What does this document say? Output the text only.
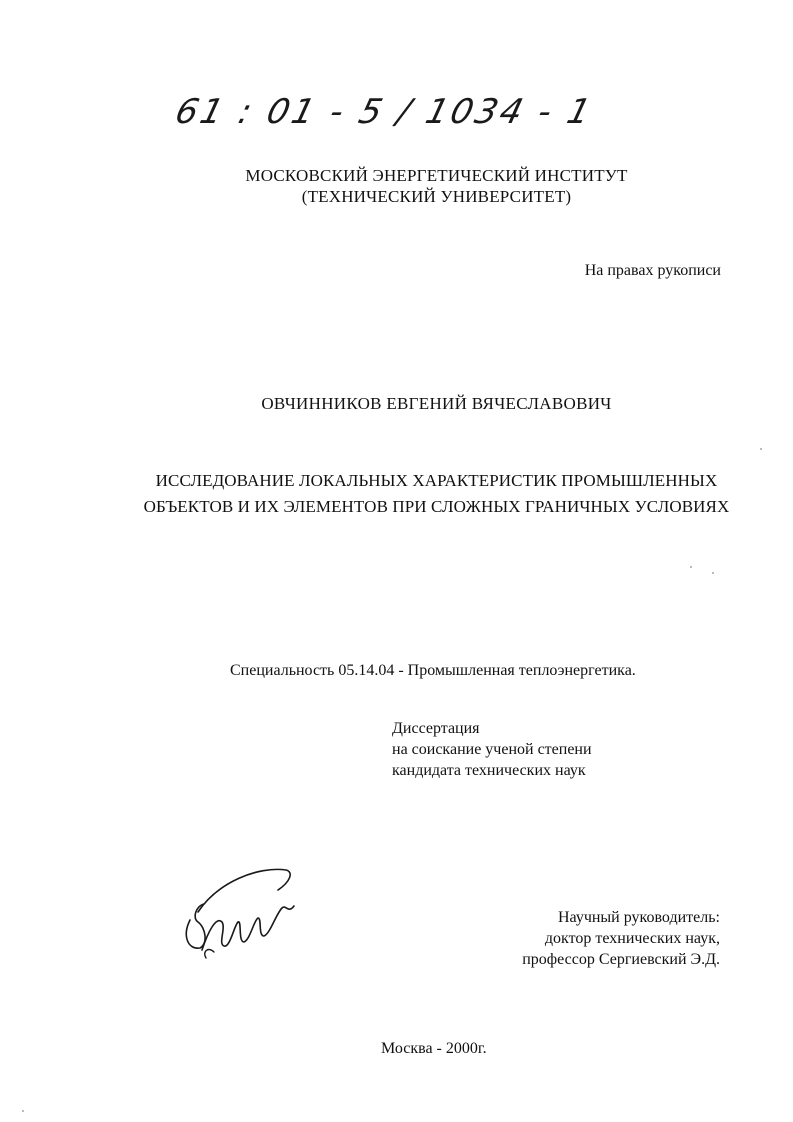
61 : 01 - 5 / 1034 - 1
МОСКОВСКИЙ ЭНЕРГЕТИЧЕСКИЙ ИНСТИТУТ
(ТЕХНИЧЕСКИЙ УНИВЕРСИТЕТ)
На правах рукописи
ОВЧИННИКОВ ЕВГЕНИЙ ВЯЧЕСЛАВОВИЧ
ИССЛЕДОВАНИЕ ЛОКАЛЬНЫХ ХАРАКТЕРИСТИК ПРОМЫШЛЕННЫХ
ОБЪЕКТОВ И ИХ ЭЛЕМЕНТОВ ПРИ СЛОЖНЫХ ГРАНИЧНЫХ УСЛОВИЯХ
Специальность 05.14.04 - Промышленная теплоэнергетика.
Диссертация
на соискание ученой степени
кандидата технических наук
Научный руководитель:
доктор технических наук,
профессор Сергиевский Э.Д.
Москва - 2000г.
